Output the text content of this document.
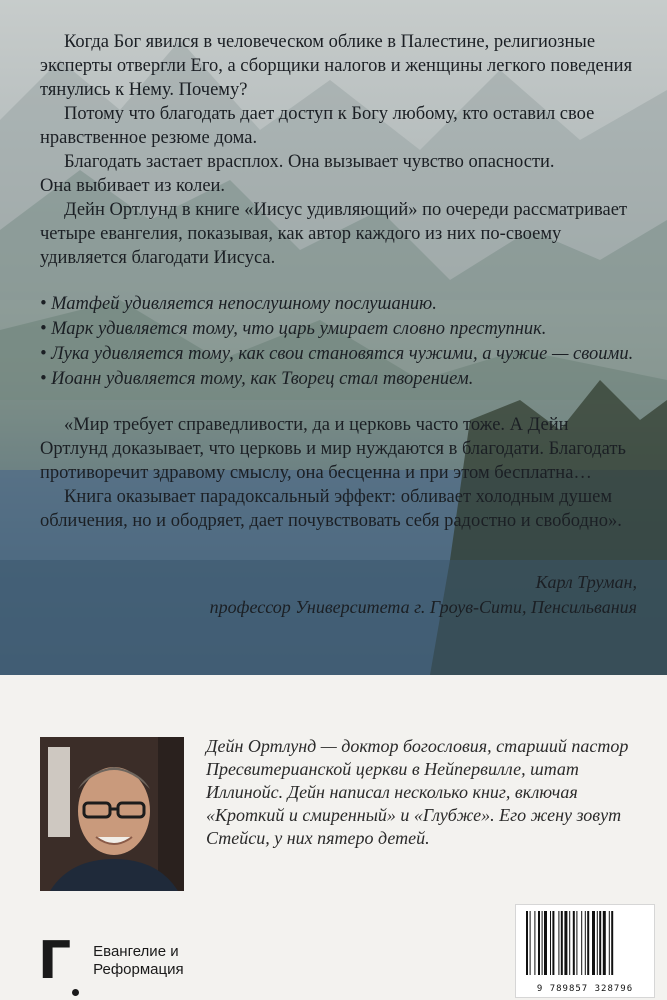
Когда Бог явился в человеческом облике в Палестине, религиозные эксперты отвергли Его, а сборщики налогов и женщины легкого поведения тянулись к Нему. Почему?

Потому что благодать дает доступ к Богу любому, кто оставил свое нравственное резюме дома.

Благодать застает врасплох. Она вызывает чувство опасности.

Она выбивает из колеи.

Дейн Ортлунд в книге «Иисус удивляющий» по очереди рассматривает четыре евангелия, показывая, как автор каждого из них по-своему удивляется благодати Иисуса.

• Матфей удивляется непослушному послушанию.
• Марк удивляется тому, что царь умирает словно преступник.
• Лука удивляется тому, как свои становятся чужими, а чужие — своими.
• Иоанн удивляется тому, как Творец стал творением.

«Мир требует справедливости, да и церковь часто тоже. А Дейн Ортлунд доказывает, что церковь и мир нуждаются в благодати. Благодать противоречит здравому смыслу, она бесценна и при этом бесплатна…

Книга оказывает парадоксальный эффект: обливает холодным душем обличения, но и ободряет, дает почувствовать себя радостно и свободно».

Карл Труман,
профессор Университета г. Гроув-Сити, Пенсильвания
Дейн Ортлунд — доктор богословия, старший пастор Пресвитерианской церкви в Нейпервилле, штат Иллинойс. Дейн написал несколько книг, включая «Кроткий и смиренный» и «Глубже». Его жену зовут Стейси, у них пятеро детей.
Г	Евангелие и
Реформация
9 789857 328796
